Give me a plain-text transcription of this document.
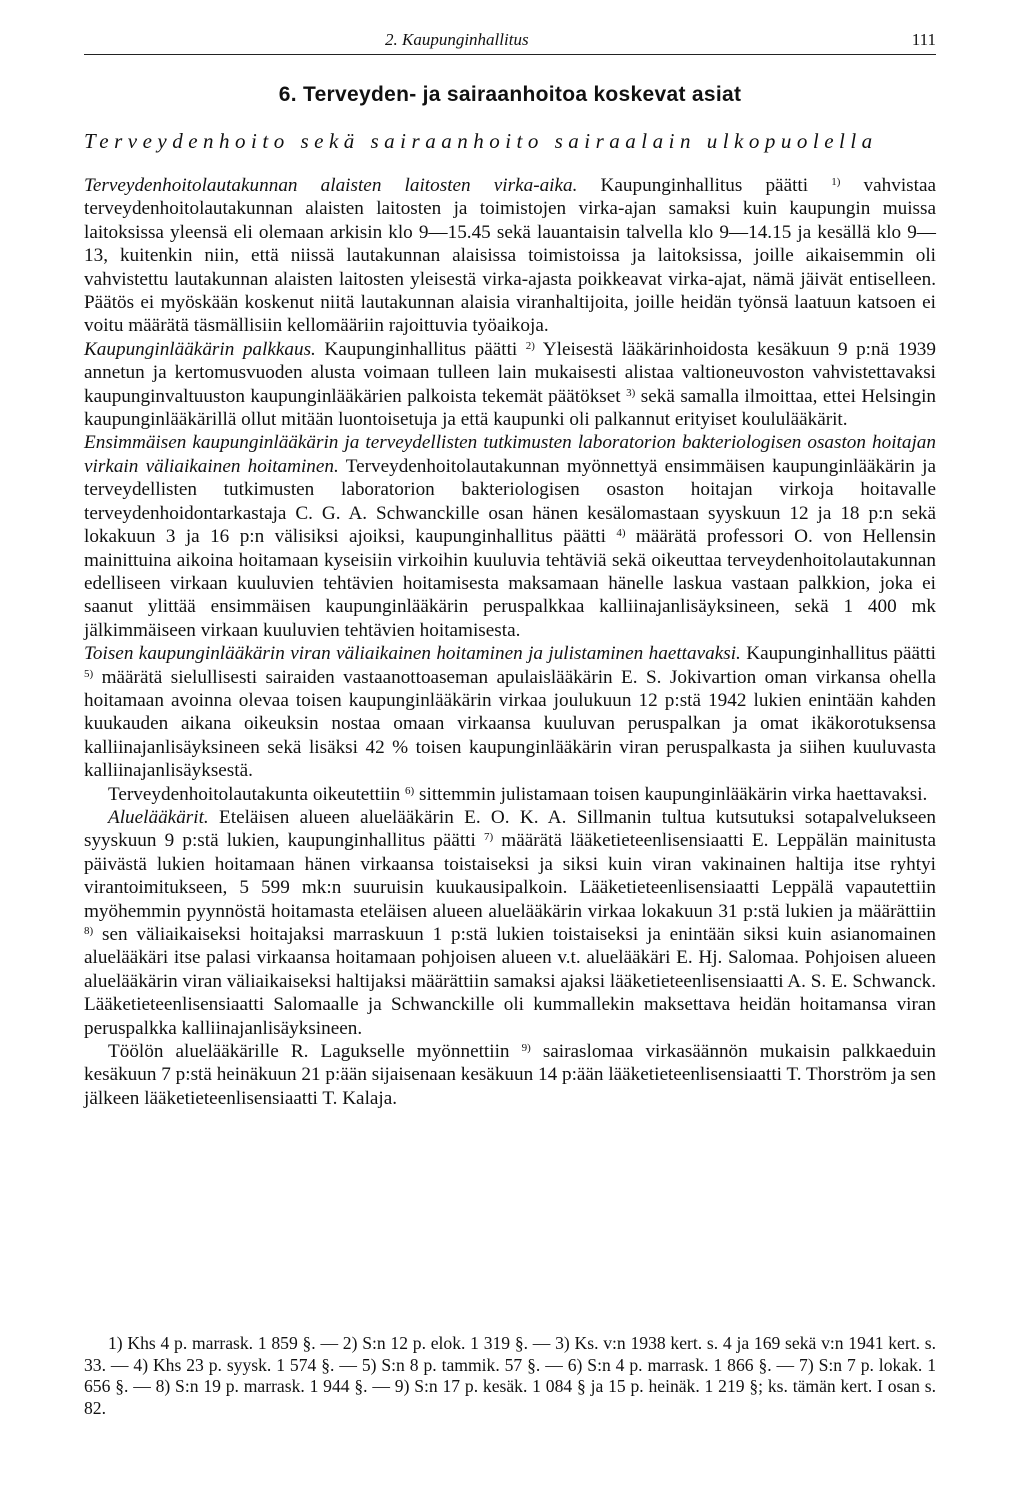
2. Kaupunginhallitus	111
6. Terveyden- ja sairaanhoitoa koskevat asiat
Terveydenhoito sekä sairaanhoito sairaalain ulkopuolella

Terveydenhoitolautakunnan alaisten laitosten virka-aika. Kaupunginhallitus päätti $^{1)}$ vahvistaa terveydenhoitolautakunnan alaisten laitosten ja toimistojen virka-ajan samaksi kuin kaupungin muissa laitoksissa yleensä eli olemaan arkisin klo 9—15.45 sekä lauantaisin talvella klo 9—14.15 ja kesällä klo 9—13, kuitenkin niin, että niissä lautakunnan alaisissa toimistoissa ja laitoksissa, joille aikaisemmin oli vahvistettu lautakunnan alaisten laitosten yleisestä virka-ajasta poikkeavat virka-ajat, nämä jäivät entiselleen. Päätös ei myöskään koskenut niitä lautakunnan alaisia viranhaltijoita, joille heidän työnsä laatuun katsoen ei voitu määrätä täsmällisiin kellomääriin rajoittuvia työaikoja.

Kaupunginlääkärin palkkaus. Kaupunginhallitus päätti $^{2)}$ Yleisestä lääkärinhoidosta kesäkuun 9 p:nä 1939 annetun ja kertomusvuoden alusta voimaan tulleen lain mukaisesti alistaa valtioneuvoston vahvistettavaksi kaupunginvaltuuston kaupunginlääkärien palkoista tekemät päätökset $^{3)}$ sekä samalla ilmoittaa, ettei Helsingin kaupunginlääkärillä ollut mitään luontoisetuja ja että kaupunki oli palkannut erityiset koululääkärit.

Ensimmäisen kaupunginlääkärin ja terveydellisten tutkimusten laboratorion bakteriologisen osaston hoitajan virkain väliaikainen hoitaminen. Terveydenhoitolautakunnan myönnettyä ensimmäisen kaupunginlääkärin ja terveydellisten tutkimusten laboratorion bakteriologisen osaston hoitajan virkoja hoitavalle terveydenhoidontarkastaja C. G. A. Schwanckille osan hänen kesälomastaan syyskuun 12 ja 18 p:n sekä lokakuun 3 ja 16 p:n välisiksi ajoiksi, kaupunginhallitus päätti $^{4)}$ määrätä professori O. von Hellensin mainittuina aikoina hoitamaan kyseisiin virkoihin kuuluvia tehtäviä sekä oikeuttaa terveydenhoitolautakunnan edelliseen virkaan kuuluvien tehtävien hoitamisesta maksamaan hänelle laskua vastaan palkkion, joka ei saanut ylittää ensimmäisen kaupunginlääkärin peruspalkkaa kalliinajanlisäyksineen, sekä 1 400 mk jälkimmäiseen virkaan kuuluvien tehtävien hoitamisesta.

Toisen kaupunginlääkärin viran väliaikainen hoitaminen ja julistaminen haettavaksi. Kaupunginhallitus päätti $^{5)}$ määrätä sielullisesti sairaiden vastaanottoaseman apulaislääkärin E. S. Jokivartion oman virkansa ohella hoitamaan avoinna olevaa toisen kaupunginlääkärin virkaa joulukuun 12 p:stä 1942 lukien enintään kahden kuukauden aikana oikeuksin nostaa omaan virkaansa kuuluvan peruspalkan ja omat ikäkorotuksensa kalliinajanlisäyksineen sekä lisäksi 42 % toisen kaupunginlääkärin viran peruspalkasta ja siihen kuuluvasta kalliinajanlisäyksestä.

Terveydenhoitolautakunta oikeutettiin $^{6)}$ sittemmin julistamaan toisen kaupunginlääkärin virka haettavaksi.

Aluelääkärit. Eteläisen alueen aluelääkärin E. O. K. A. Sillmanin tultua kutsutuksi sotapalvelukseen syyskuun 9 p:stä lukien, kaupunginhallitus päätti $^{7)}$ määrätä lääketieteenlisensiaatti E. Leppälän mainitusta päivästä lukien hoitamaan hänen virkaansa toistaiseksi ja siksi kuin viran vakinainen haltija itse ryhtyi virantoimitukseen, 5 599 mk:n suuruisin kuukausipalkoin. Lääketieteenlisensiaatti Leppälä vapautettiin myöhemmin pyynnöstä hoitamasta eteläisen alueen aluelääkärin virkaa lokakuun 31 p:stä lukien ja määrättiin $^{8)}$ sen väliaikaiseksi hoitajaksi marraskuun 1 p:stä lukien toistaiseksi ja enintään siksi kuin asianomainen aluelääkäri itse palasi virkaansa hoitamaan pohjoisen alueen v.t. aluelääkäri E. Hj. Salomaa. Pohjoisen alueen aluelääkärin viran väliaikaiseksi haltijaksi määrättiin samaksi ajaksi lääketieteenlisensiaatti A. S. E. Schwanck. Lääketieteenlisensiaatti Salomaalle ja Schwanckille oli kummallekin maksettava heidän hoitamansa viran peruspalkka kalliinajanlisäyksineen.

Töölön aluelääkärille R. Lagukselle myönnettiin $^{9)}$ sairaslomaa virkasäännön mukaisin palkkaeduin kesäkuun 7 p:stä heinäkuun 21 p:ään sijaisenaan kesäkuun 14 p:ään lääketieteenlisensiaatti T. Thorström ja sen jälkeen lääketieteenlisensiaatti T. Kalaja.

1) Khs 4 p. marrask. 1 859 §. — 2) S:n 12 p. elok. 1 319 §. — 3) Ks. v:n 1938 kert. s. 4 ja 169 sekä v:n 1941 kert. s. 33. — 4) Khs 23 p. syysk. 1 574 §. — 5) S:n 8 p. tammik. 57 §. — 6) S:n 4 p. marrask. 1 866 §. — 7) S:n 7 p. lokak. 1 656 §. — 8) S:n 19 p. marrask. 1 944 §. — 9) S:n 17 p. kesäk. 1 084 § ja 15 p. heinäk. 1 219 §; ks. tämän kert. I osan s. 82.
